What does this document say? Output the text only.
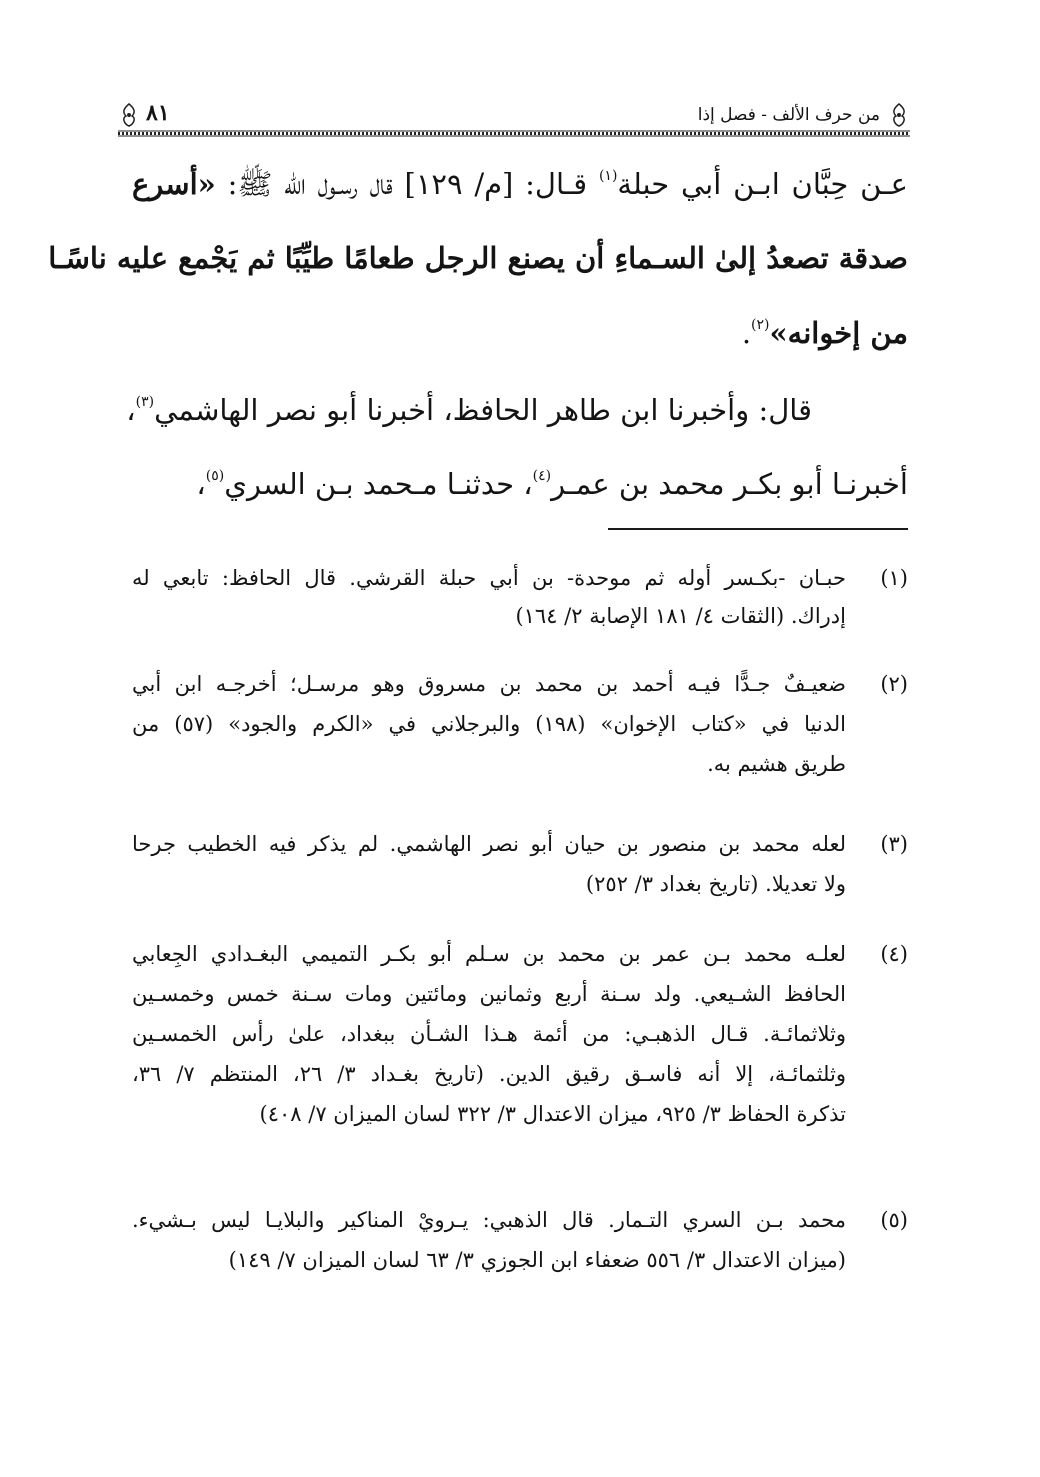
من حرف الألف - فصل إذا
٨١
عـن حِبَّان ابـن أبي حبلة$^{(١)}$ قـال: [م/ ١٢٩] قال رسـول الله ﷺ: «أسرع
صدقة تصعدُ إلىٰ السـماءِ أن يصنع الرجل طعامًا طيِّبًا ثم يَجْمع عليه ناسًـا
من إخوانه»$^{(٢)}$.
قال: وأخبرنا ابن طاهر الحافظ، أخبرنا أبو نصر الهاشمي$^{(٣)}$،
أخبرنـا أبو بكـر محمد بن عمـر$^{(٤)}$، حدثنـا مـحمد بـن السري$^{(٥)}$،
(١)
حبـان -بكـسر أوله ثم موحدة- بن أبي حبلة القرشي. قال الحافظ: تابعي له
إدراك. (الثقات ٤/ ١٨١ الإصابة ٢/ ١٦٤)
(٢)
ضعيـفٌ جـدًّا فيـه أحمد بن محمد بن مسروق وهو مرسـل؛ أخرجـه ابن أبي
الدنيا في «كتاب الإخوان» (١٩٨) والبرجلاني في «الكرم والجود» (٥٧) من
طريق هشيم به.
(٣)
لعله محمد بن منصور بن حيان أبو نصر الهاشمي. لم يذكر فيه الخطيب جرحا
ولا تعديلا. (تاريخ بغداد ٣/ ٢٥٢)
(٤)
لعلـه محمد بـن عمر بن محمد بن سـلم أبو بكـر التميمي البغـدادي الجِعابي
الحافظ الشـيعي. ولد سـنة أربع وثمانين ومائتين ومات سـنة خمس وخمسـين
وثلاثمائـة. قـال الذهبـي: من أئمة هـذا الشـأن ببغداد، علىٰ رأس الخمسـين
وثلثمائـة، إلا أنه فاسـق رقيق الدين. (تاريخ بغـداد ٣/ ٢٦، المنتظم ٧/ ٣٦،
تذكرة الحفاظ ٣/ ٩٢٥، ميزان الاعتدال ٣/ ٣٢٢ لسان الميزان ٧/ ٤٠٨)
(٥)
محمد بـن السري التـمار. قال الذهبي: يـرويْ المناكير والبلايـا ليس بـشيء.
(ميزان الاعتدال ٣/ ٥٥٦ ضعفاء ابن الجوزي ٣/ ٦٣ لسان الميزان ٧/ ١٤٩)
